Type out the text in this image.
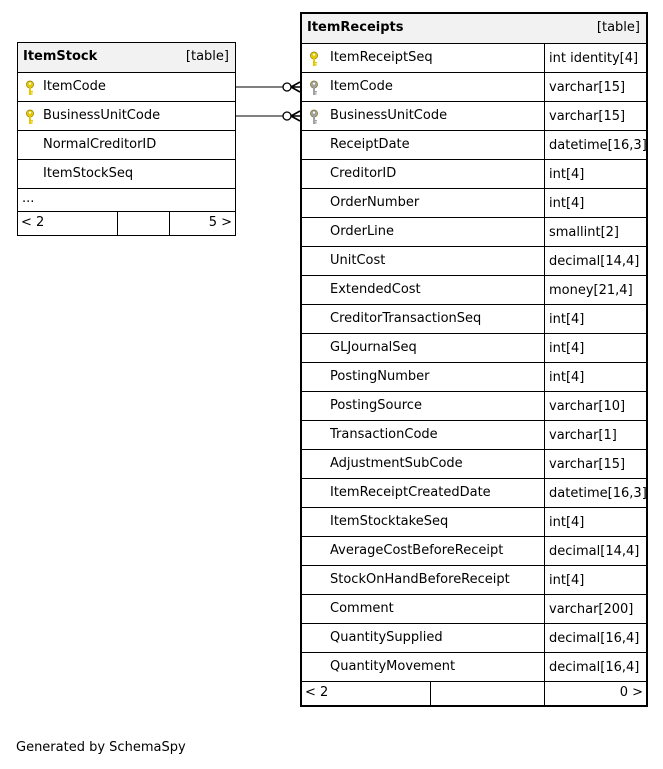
ItemStock	[table]
ItemCode
BusinessUnitCode
NormalCreditorID
ItemStockSeq
...
< 2	5 >
ItemReceipts	[table]
ItemReceiptSeq	int identity[4]
ItemCode	varchar[15]
BusinessUnitCode	varchar[15]
ReceiptDate	datetime[16,3]
CreditorID	int[4]
OrderNumber	int[4]
OrderLine	smallint[2]
UnitCost	decimal[14,4]
ExtendedCost	money[21,4]
CreditorTransactionSeq	int[4]
GLJournalSeq	int[4]
PostingNumber	int[4]
PostingSource	varchar[10]
TransactionCode	varchar[1]
AdjustmentSubCode	varchar[15]
ItemReceiptCreatedDate	datetime[16,3]
ItemStocktakeSeq	int[4]
AverageCostBeforeReceipt	decimal[14,4]
StockOnHandBeforeReceipt	int[4]
Comment	varchar[200]
QuantitySupplied	decimal[16,4]
QuantityMovement	decimal[16,4]
< 2	0 >
Generated by SchemaSpy
